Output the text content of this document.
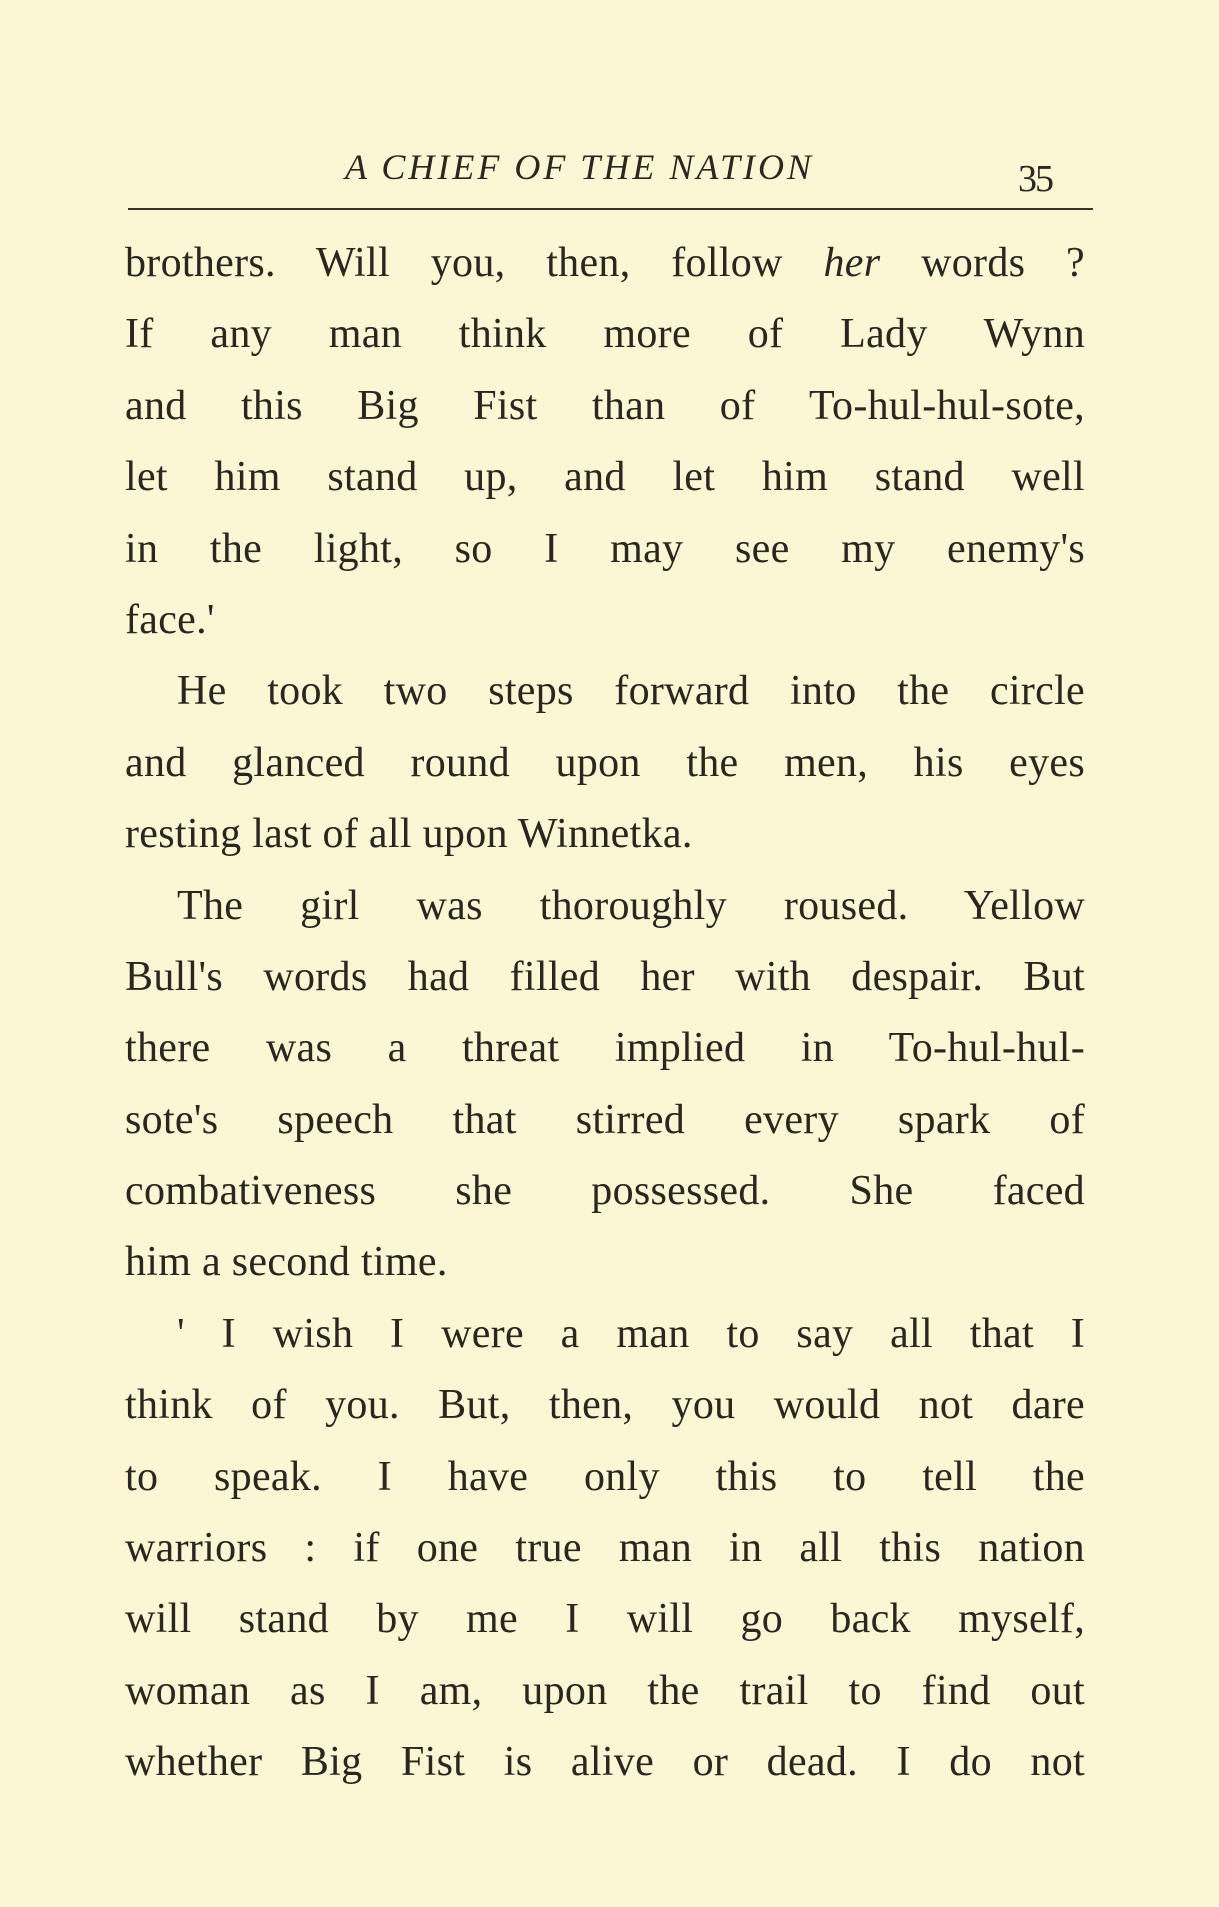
A CHIEF OF THE NATION	35
brothers. Will you, then, follow her words ?
If any man think more of Lady Wynn
and this Big Fist than of To-hul-hul-sote,
let him stand up, and let him stand well
in the light, so I may see my enemy's
face.'
He took two steps forward into the circle
and glanced round upon the men, his eyes
resting last of all upon Winnetka.
The girl was thoroughly roused. Yellow
Bull's words had filled her with despair. But
there was a threat implied in To-hul-hul-
sote's speech that stirred every spark of
combativeness she possessed. She faced
him a second time.
' I wish I were a man to say all that I
think of you. But, then, you would not dare
to speak. I have only this to tell the
warriors : if one true man in all this nation
will stand by me I will go back myself,
woman as I am, upon the trail to find out
whether Big Fist is alive or dead. I do not
